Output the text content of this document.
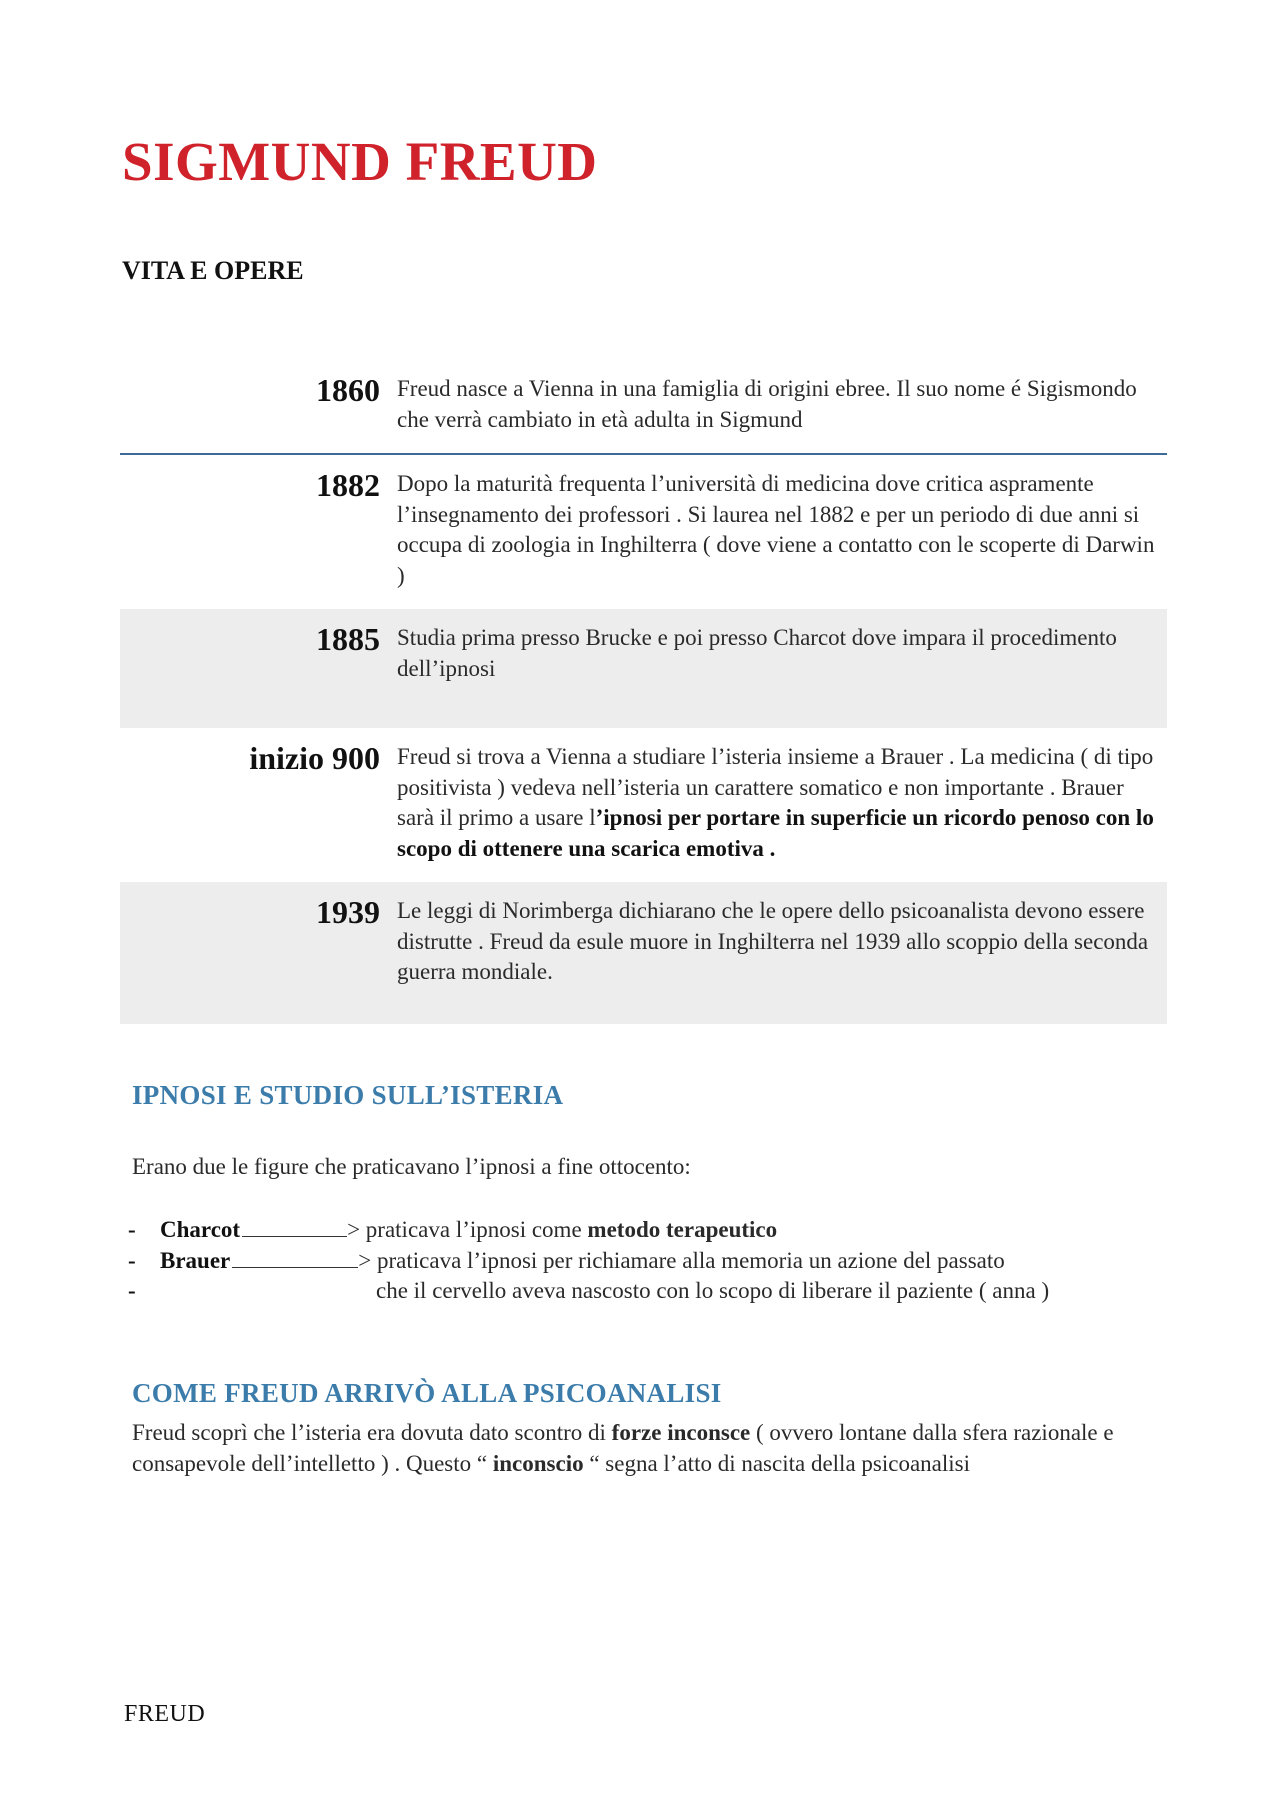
SIGMUND FREUD
VITA E OPERE
1860 Freud nasce a Vienna in una famiglia di origini ebree. Il suo nome é Sigismondo che verrà cambiato in età adulta in Sigmund
1882 Dopo la maturità frequenta l’università di medicina dove critica aspramente l’insegnamento dei professori . Si laurea nel 1882 e per un periodo di due anni si occupa di zoologia in Inghilterra ( dove viene a contatto con le scoperte di Darwin )
1885 Studia prima presso Brucke e poi presso Charcot dove impara il procedimento dell’ipnosi
inizio 900 Freud si trova a Vienna a studiare l’isteria insieme a Brauer . La medicina ( di tipo positivista ) vedeva nell’isteria un carattere somatico e non importante . Brauer sarà il primo a usare l’ipnosi per portare in superficie un ricordo penoso con lo scopo di ottenere una scarica emotiva .
1939 Le leggi di Norimberga dichiarano che le opere dello psicoanalista devono essere distrutte . Freud da esule muore in Inghilterra nel 1939 allo scoppio della seconda guerra mondiale.
IPNOSI E STUDIO SULL’ISTERIA

Erano due le figure che praticavano l’ipnosi a fine ottocento:

-	Charcot	> praticava l’ipnosi come metodo terapeutico
-	Brauer	> praticava l’ipnosi per richiamare alla memoria un azione del passato
-	che il cervello aveva nascosto con lo scopo di liberare il paziente ( anna )
COME FREUD ARRIVÒ ALLA PSICOANALISI

Freud scoprì che l’isteria era dovuta dato scontro di forze inconsce ( ovvero lontane dalla sfera razionale e consapevole dell’intelletto ) . Questo “ inconscio “ segna l’atto di nascita della psicoanalisi

FREUD
